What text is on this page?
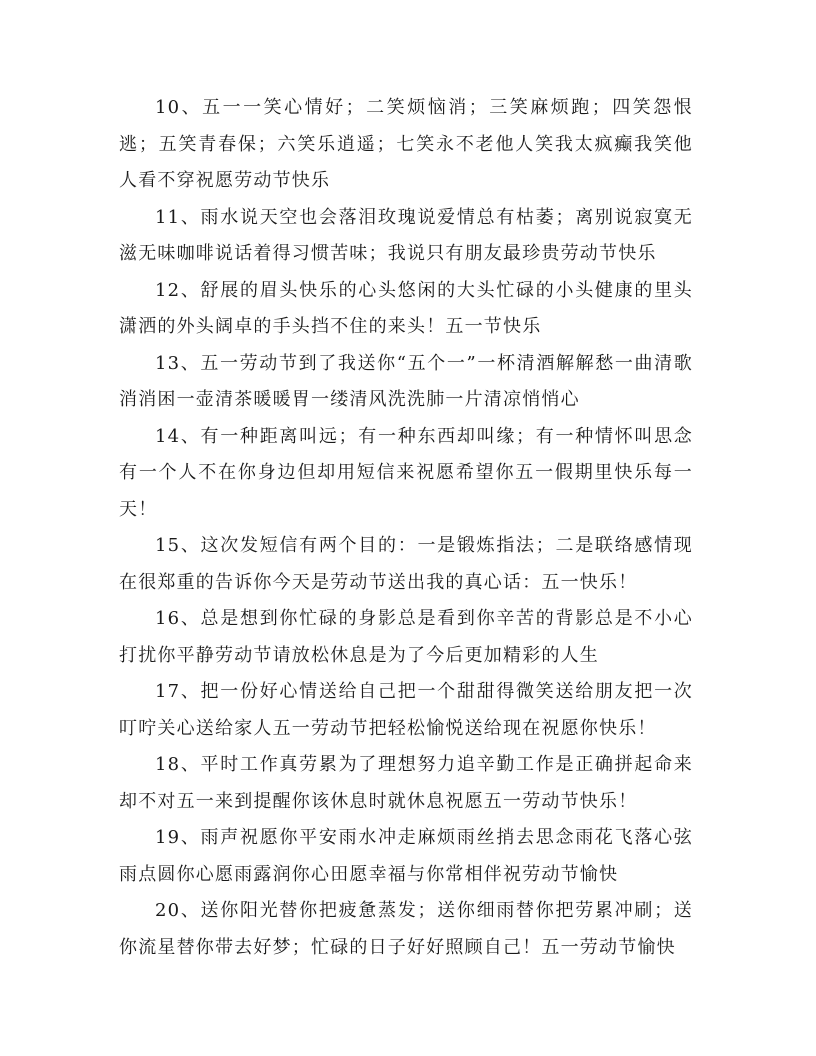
10、五一一笑心情好；二笑烦恼消；三笑麻烦跑；四笑怨恨逃；五笑青春保；六笑乐逍遥；七笑永不老他人笑我太疯癫我笑他人看不穿祝愿劳动节快乐

11、雨水说天空也会落泪玫瑰说爱情总有枯萎；离别说寂寞无滋无味咖啡说话着得习惯苦味；我说只有朋友最珍贵劳动节快乐

12、舒展的眉头快乐的心头悠闲的大头忙碌的小头健康的里头潇洒的外头阔卓的手头挡不住的来头！五一节快乐

13、五一劳动节到了我送你“五个一”一杯清酒解解愁一曲清歌消消困一壶清茶暖暖胃一缕清风洗洗肺一片清凉悄悄心

14、有一种距离叫远；有一种东西却叫缘；有一种情怀叫思念有一个人不在你身边但却用短信来祝愿希望你五一假期里快乐每一天！

15、这次发短信有两个目的：一是锻炼指法；二是联络感情现在很郑重的告诉你今天是劳动节送出我的真心话：五一快乐！

16、总是想到你忙碌的身影总是看到你辛苦的背影总是不小心打扰你平静劳动节请放松休息是为了今后更加精彩的人生

17、把一份好心情送给自己把一个甜甜得微笑送给朋友把一次叮咛关心送给家人五一劳动节把轻松愉悦送给现在祝愿你快乐！

18、平时工作真劳累为了理想努力追辛勤工作是正确拼起命来却不对五一来到提醒你该休息时就休息祝愿五一劳动节快乐！

19、雨声祝愿你平安雨水冲走麻烦雨丝捎去思念雨花飞落心弦雨点圆你心愿雨露润你心田愿幸福与你常相伴祝劳动节愉快

20、送你阳光替你把疲惫蒸发；送你细雨替你把劳累冲刷；送你流星替你带去好梦；忙碌的日子好好照顾自己！五一劳动节愉快
